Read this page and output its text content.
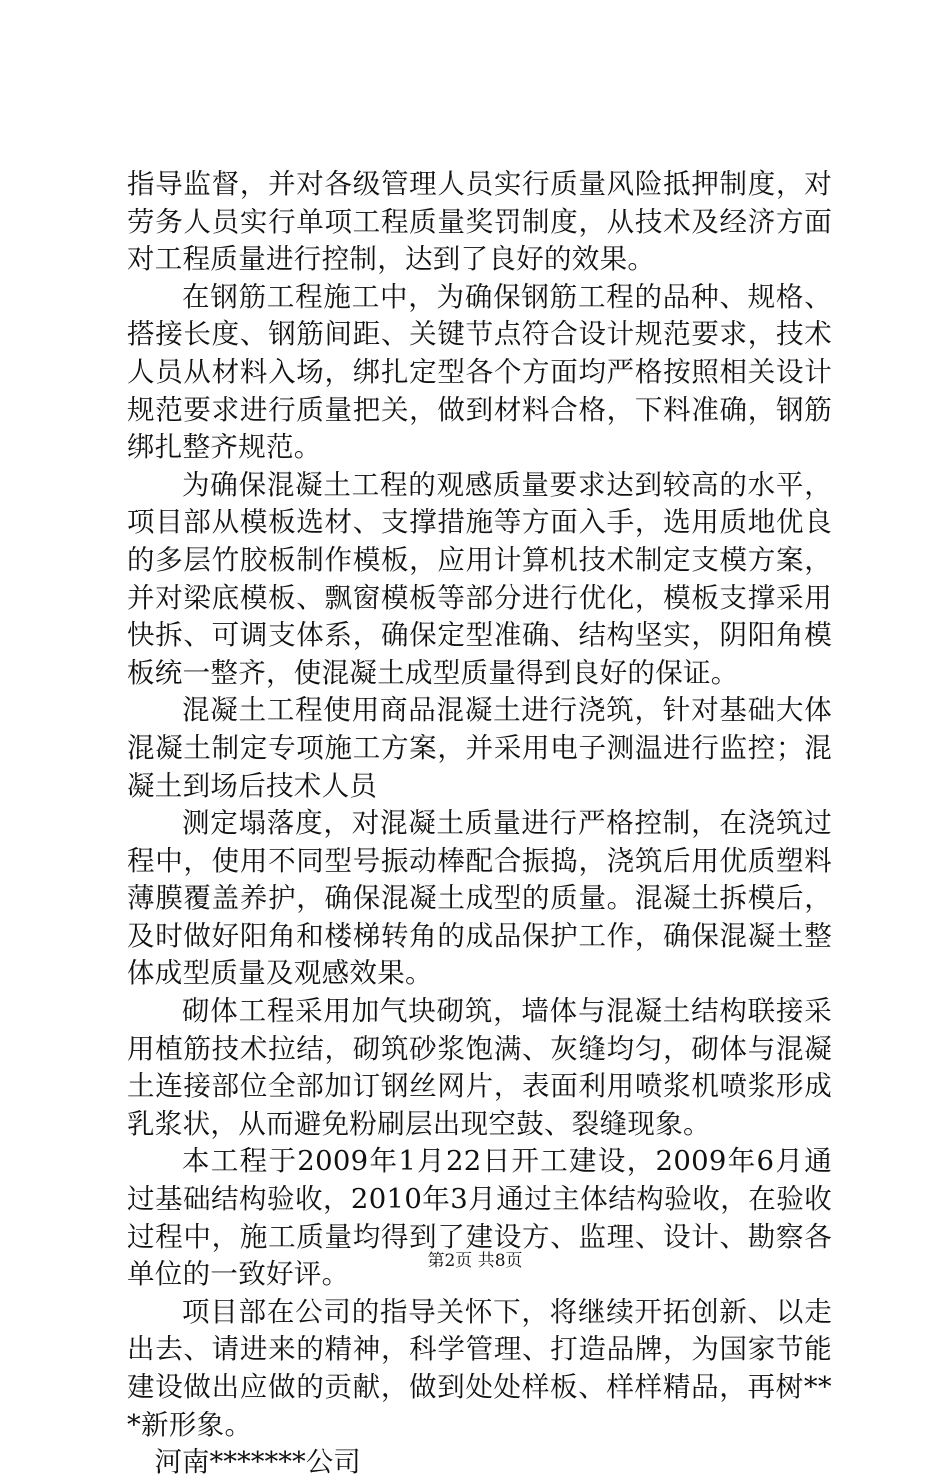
指导监督，并对各级管理人员实行质量风险抵押制度，对劳务人员实行单项工程质量奖罚制度，从技术及经济方面对工程质量进行控制，达到了良好的效果。

在钢筋工程施工中，为确保钢筋工程的品种、规格、搭接长度、钢筋间距、关键节点符合设计规范要求，技术人员从材料入场，绑扎定型各个方面均严格按照相关设计规范要求进行质量把关，做到材料合格，下料准确，钢筋绑扎整齐规范。

为确保混凝土工程的观感质量要求达到较高的水平，项目部从模板选材、支撑措施等方面入手，选用质地优良的多层竹胶板制作模板，应用计算机技术制定支模方案，并对梁底模板、飘窗模板等部分进行优化，模板支撑采用快拆、可调支体系，确保定型准确、结构坚实，阴阳角模板统一整齐，使混凝土成型质量得到良好的保证。

混凝土工程使用商品混凝土进行浇筑，针对基础大体混凝土制定专项施工方案，并采用电子测温进行监控；混凝土到场后技术人员

测定塌落度，对混凝土质量进行严格控制，在浇筑过程中，使用不同型号振动棒配合振捣，浇筑后用优质塑料薄膜覆盖养护，确保混凝土成型的质量。混凝土拆模后，及时做好阳角和楼梯转角的成品保护工作，确保混凝土整体成型质量及观感效果。

砌体工程采用加气块砌筑，墙体与混凝土结构联接采用植筋技术拉结，砌筑砂浆饱满、灰缝均匀，砌体与混凝土连接部位全部加订钢丝网片，表面利用喷浆机喷浆形成乳浆状，从而避免粉刷层出现空鼓、裂缝现象。

本工程于2009年1月22日开工建设，2009年6月通过基础结构验收，2010年3月通过主体结构验收，在验收过程中，施工质量均得到了建设方、监理、设计、勘察各单位的一致好评。

项目部在公司的指导关怀下，将继续开拓创新、以走出去、请进来的精神，科学管理、打造品牌，为国家节能建设做出应做的贡献，做到处处样板、样样精品，再树***新形象。

河南*******公司

第2页 共8页
